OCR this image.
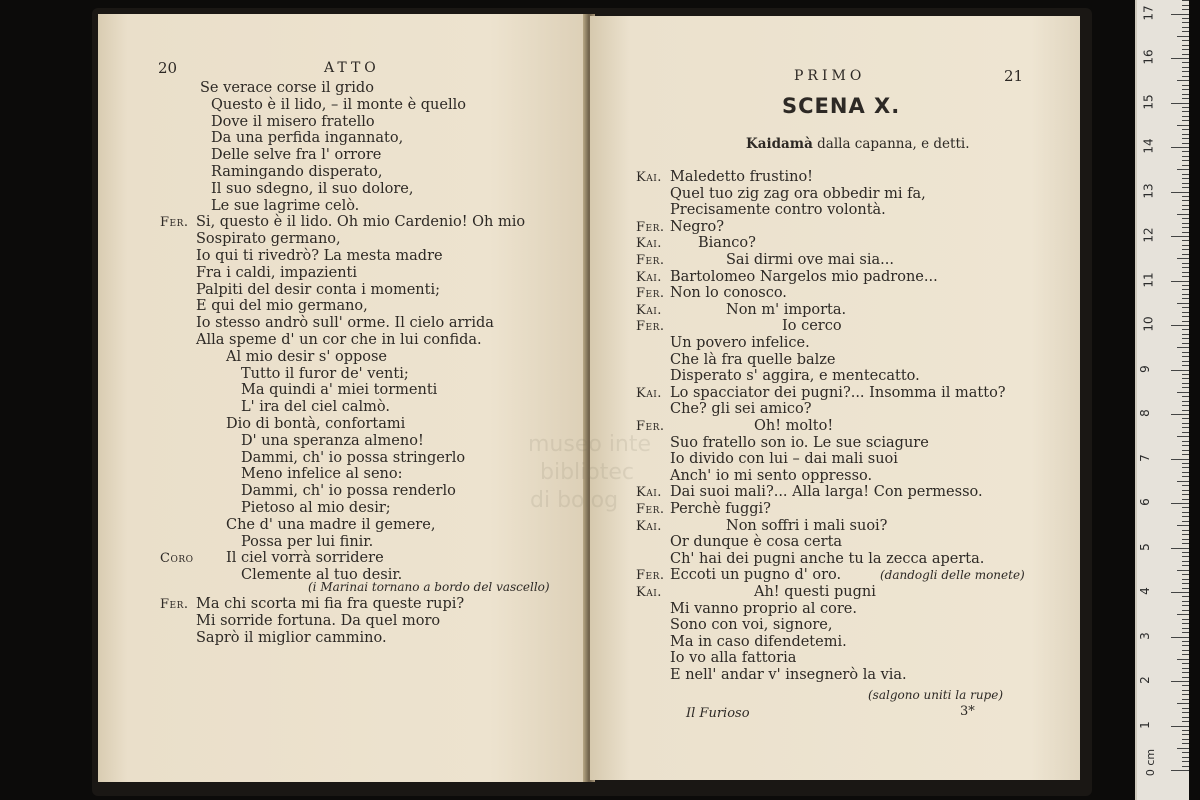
20	ATTO
Se verace corse il grido
Questo è il lido, – il monte è quello
Dove il misero fratello
Da una perfida ingannato,
Delle selve fra l' orrore
Ramingando disperato,
Il suo sdegno, il suo dolore,
Le sue lagrime celò.
Fer. Si, questo è il lido. Oh mio Cardenio! Oh mio
Sospirato germano,
Io qui ti rivedrò? La mesta madre
Fra i caldi, impazienti
Palpiti del desir conta i momenti;
E qui del mio germano,
Io stesso andrò sull' orme. Il cielo arrida
Alla speme d' un cor che in lui confida.
Al mio desir s' oppose
Tutto il furor de' venti;
Ma quindi a' miei tormenti
L' ira del ciel calmò.
Dio di bontà, confortami
D' una speranza almeno!
Dammi, ch' io possa stringerlo
Meno infelice al seno:
Dammi, ch' io possa renderlo
Pietoso al mio desir;
Che d' una madre il gemere,
Possa per lui finir.
Coro Il ciel vorrà sorridere
Clemente al tuo desir.
(i Marinai tornano a bordo del vascello)
Fer. Ma chi scorta mi fia fra queste rupi?
Mi sorride fortuna. Da quel moro
Saprò il miglior cammino.
PRIMO	21
SCENA X.
Kaidamà dalla capanna, e detti.
Kai. Maledetto frustino!
Quel tuo zig zag ora obbedir mi fa,
Precisamente contro volontà.
Fer. Negro?
Kai. Bianco?
Fer.	Sai dirmi ove mai sia...
Kai. Bartolomeo Nargelos mio padrone...
Fer. Non lo conosco.
Kai.	Non m' importa.
Fer.	Io cerco
Un povero infelice.
Che là fra quelle balze
Disperato s' aggira, e mentecatto.
Kai. Lo spacciator dei pugni?... Insomma il matto?
Che? gli sei amico?
Fer.	Oh! molto!
Suo fratello son io. Le sue sciagure
Io divido con lui – dai mali suoi
Anch' io mi sento oppresso.
Kai. Dai suoi mali?... Alla larga! Con permesso.
Fer. Perchè fuggi?
Kai.	Non soffri i mali suoi?
Or dunque è cosa certa
Ch' hai dei pugni anche tu la zecca aperta.
Fer. Eccoti un pugno d' oro.
Kai.	Ah! questi pugni
Mi vanno proprio al core.
Sono con voi, signore,
Ma in caso difendetemi.
Io vo alla fattoria
E nell' andar v' insegnerò la via.
(dandogli delle monete)
(salgono uniti la rupe)
Il Furioso	3*
museo inte
bibliotec
di bolog
0 cm
1
2
3
4
5
6
7
8
9
10
11
12
13
14
15
16
17
